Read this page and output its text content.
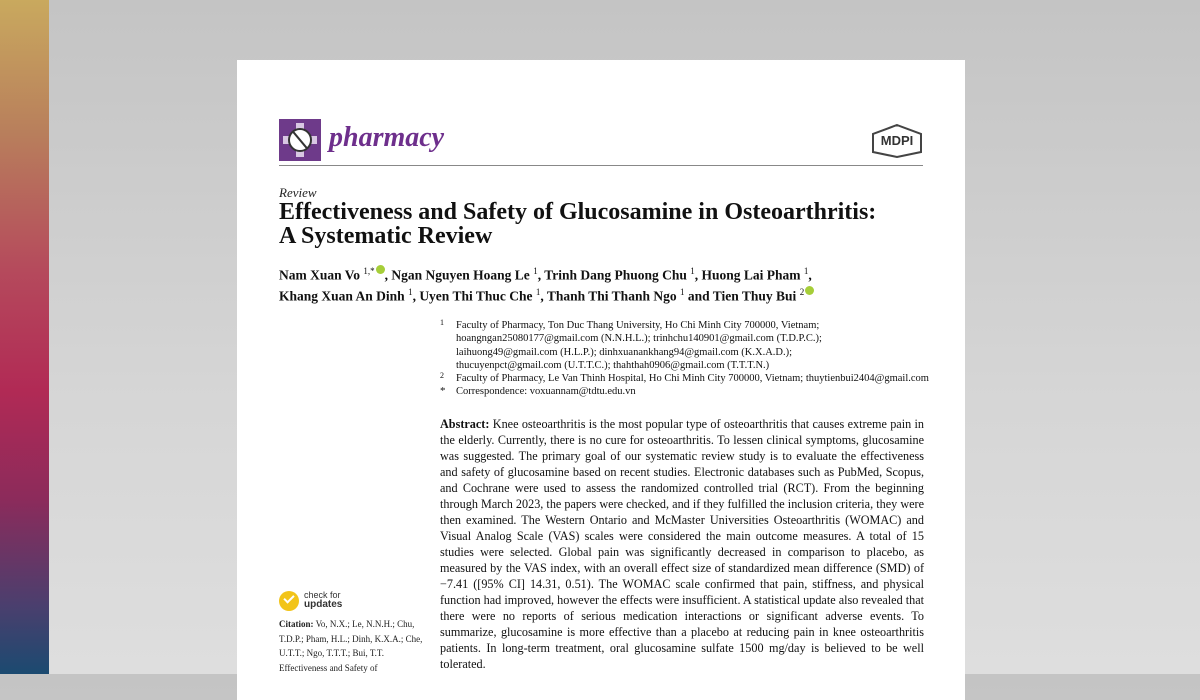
pharmacy	MDPI
Review
Effectiveness and Safety of Glucosamine in Osteoarthritis:
A Systematic Review
Nam Xuan Vo $^{1,*}$ , Ngan Nguyen Hoang Le $^1$, Trinh Dang Phuong Chu $^1$, Huong Lai Pham $^1$,
Khang Xuan An Dinh $^1$, Uyen Thi Thuc Che $^1$, Thanh Thi Thanh Ngo $^1$ and Tien Thuy Bui $^2$
1 Faculty of Pharmacy, Ton Duc Thang University, Ho Chi Minh City 700000, Vietnam;
hoangngan25080177@gmail.com (N.N.H.L.); trinhchu140901@gmail.com (T.D.P.C.);
laihuong49@gmail.com (H.L.P.); dinhxuanankhang94@gmail.com (K.X.A.D.);
thucuyenpct@gmail.com (U.T.T.C.); thahthah0906@gmail.com (T.T.T.N.)
2 Faculty of Pharmacy, Le Van Thinh Hospital, Ho Chi Minh City 700000, Vietnam; thuytienbui2404@gmail.com
* Correspondence: voxuannam@tdtu.edu.vn
Abstract: Knee osteoarthritis is the most popular type of osteoarthritis that causes extreme pain in the elderly. Currently, there is no cure for osteoarthritis. To lessen clinical symptoms, glucosamine was suggested. The primary goal of our systematic review study is to evaluate the effectiveness and safety of glucosamine based on recent studies. Electronic databases such as PubMed, Scopus, and Cochrane were used to assess the randomized controlled trial (RCT). From the beginning through March 2023, the papers were checked, and if they fulfilled the inclusion criteria, they were then examined. The Western Ontario and McMaster Universities Osteoarthritis (WOMAC) and Visual Analog Scale (VAS) scales were considered the main outcome measures. A total of 15 studies were selected. Global pain was significantly decreased in comparison to placebo, as measured by the VAS index, with an overall effect size of standardized mean difference (SMD) of −7.41 ([95% CI] 14.31, 0.51). The WOMAC scale confirmed that pain, stiffness, and physical function had improved, however the effects were insufficient. A statistical update also revealed that there were no reports of serious medication interactions or significant adverse events. To summarize, glucosamine is more effective than a placebo at reducing pain in knee osteoarthritis patients. In long-term treatment, oral glucosamine sulfate 1500 mg/day is believed to be well tolerated.
check for
updates
Citation: Vo, N.X.; Le, N.N.H.; Chu, T.D.P.; Pham, H.L.; Dinh, K.X.A.; Che, U.T.T.; Ngo, T.T.T.; Bui, T.T. Effectiveness and Safety of
